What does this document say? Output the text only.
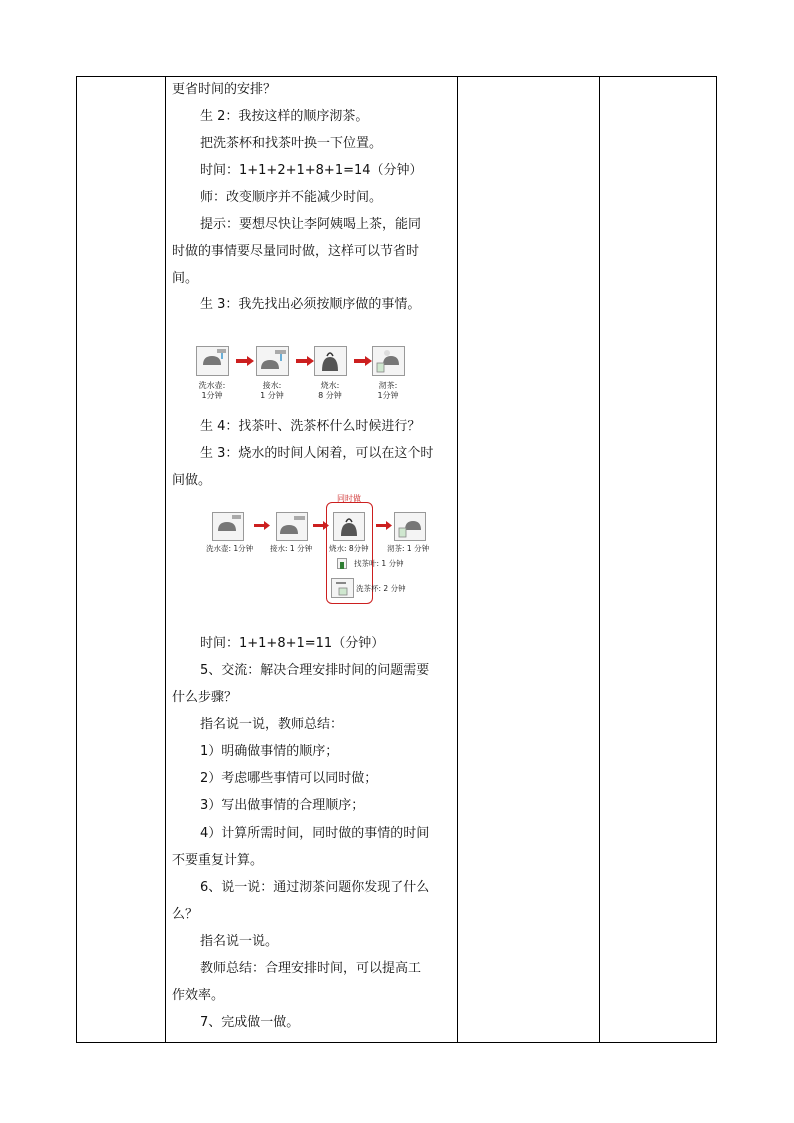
更省时间的安排？
生 2：我按这样的顺序沏茶。
把洗茶杯和找茶叶换一下位置。
时间：1+1+2+1+8+1=14（分钟）
师：改变顺序并不能减少时间。
提示：要想尽快让李阿姨喝上茶，能同
时做的事情要尽量同时做，这样可以节省时
间。
生 3：我先找出必须按顺序做的事情。
洗水壶:
1分钟
接水:
1 分钟
烧水:
8 分钟
沏茶:
1分钟
生 4：找茶叶、洗茶杯什么时候进行？
生 3：烧水的时间人闲着，可以在这个时
间做。
洗水壶: 1分钟 接水: 1 分钟
同时做
烧水: 8分钟
找茶叶: 1 分钟
洗茶杯: 2 分钟
沏茶: 1 分钟
时间：1+1+8+1=11（分钟）
5、交流：解决合理安排时间的问题需要
什么步骤？
指名说一说，教师总结：
1）明确做事情的顺序；
2）考虑哪些事情可以同时做；
3）写出做事情的合理顺序；
4）计算所需时间，同时做的事情的时间
不要重复计算。
6、说一说：通过沏茶问题你发现了什么
么？
指名说一说。
教师总结：合理安排时间，可以提高工
作效率。
7、完成做一做。
